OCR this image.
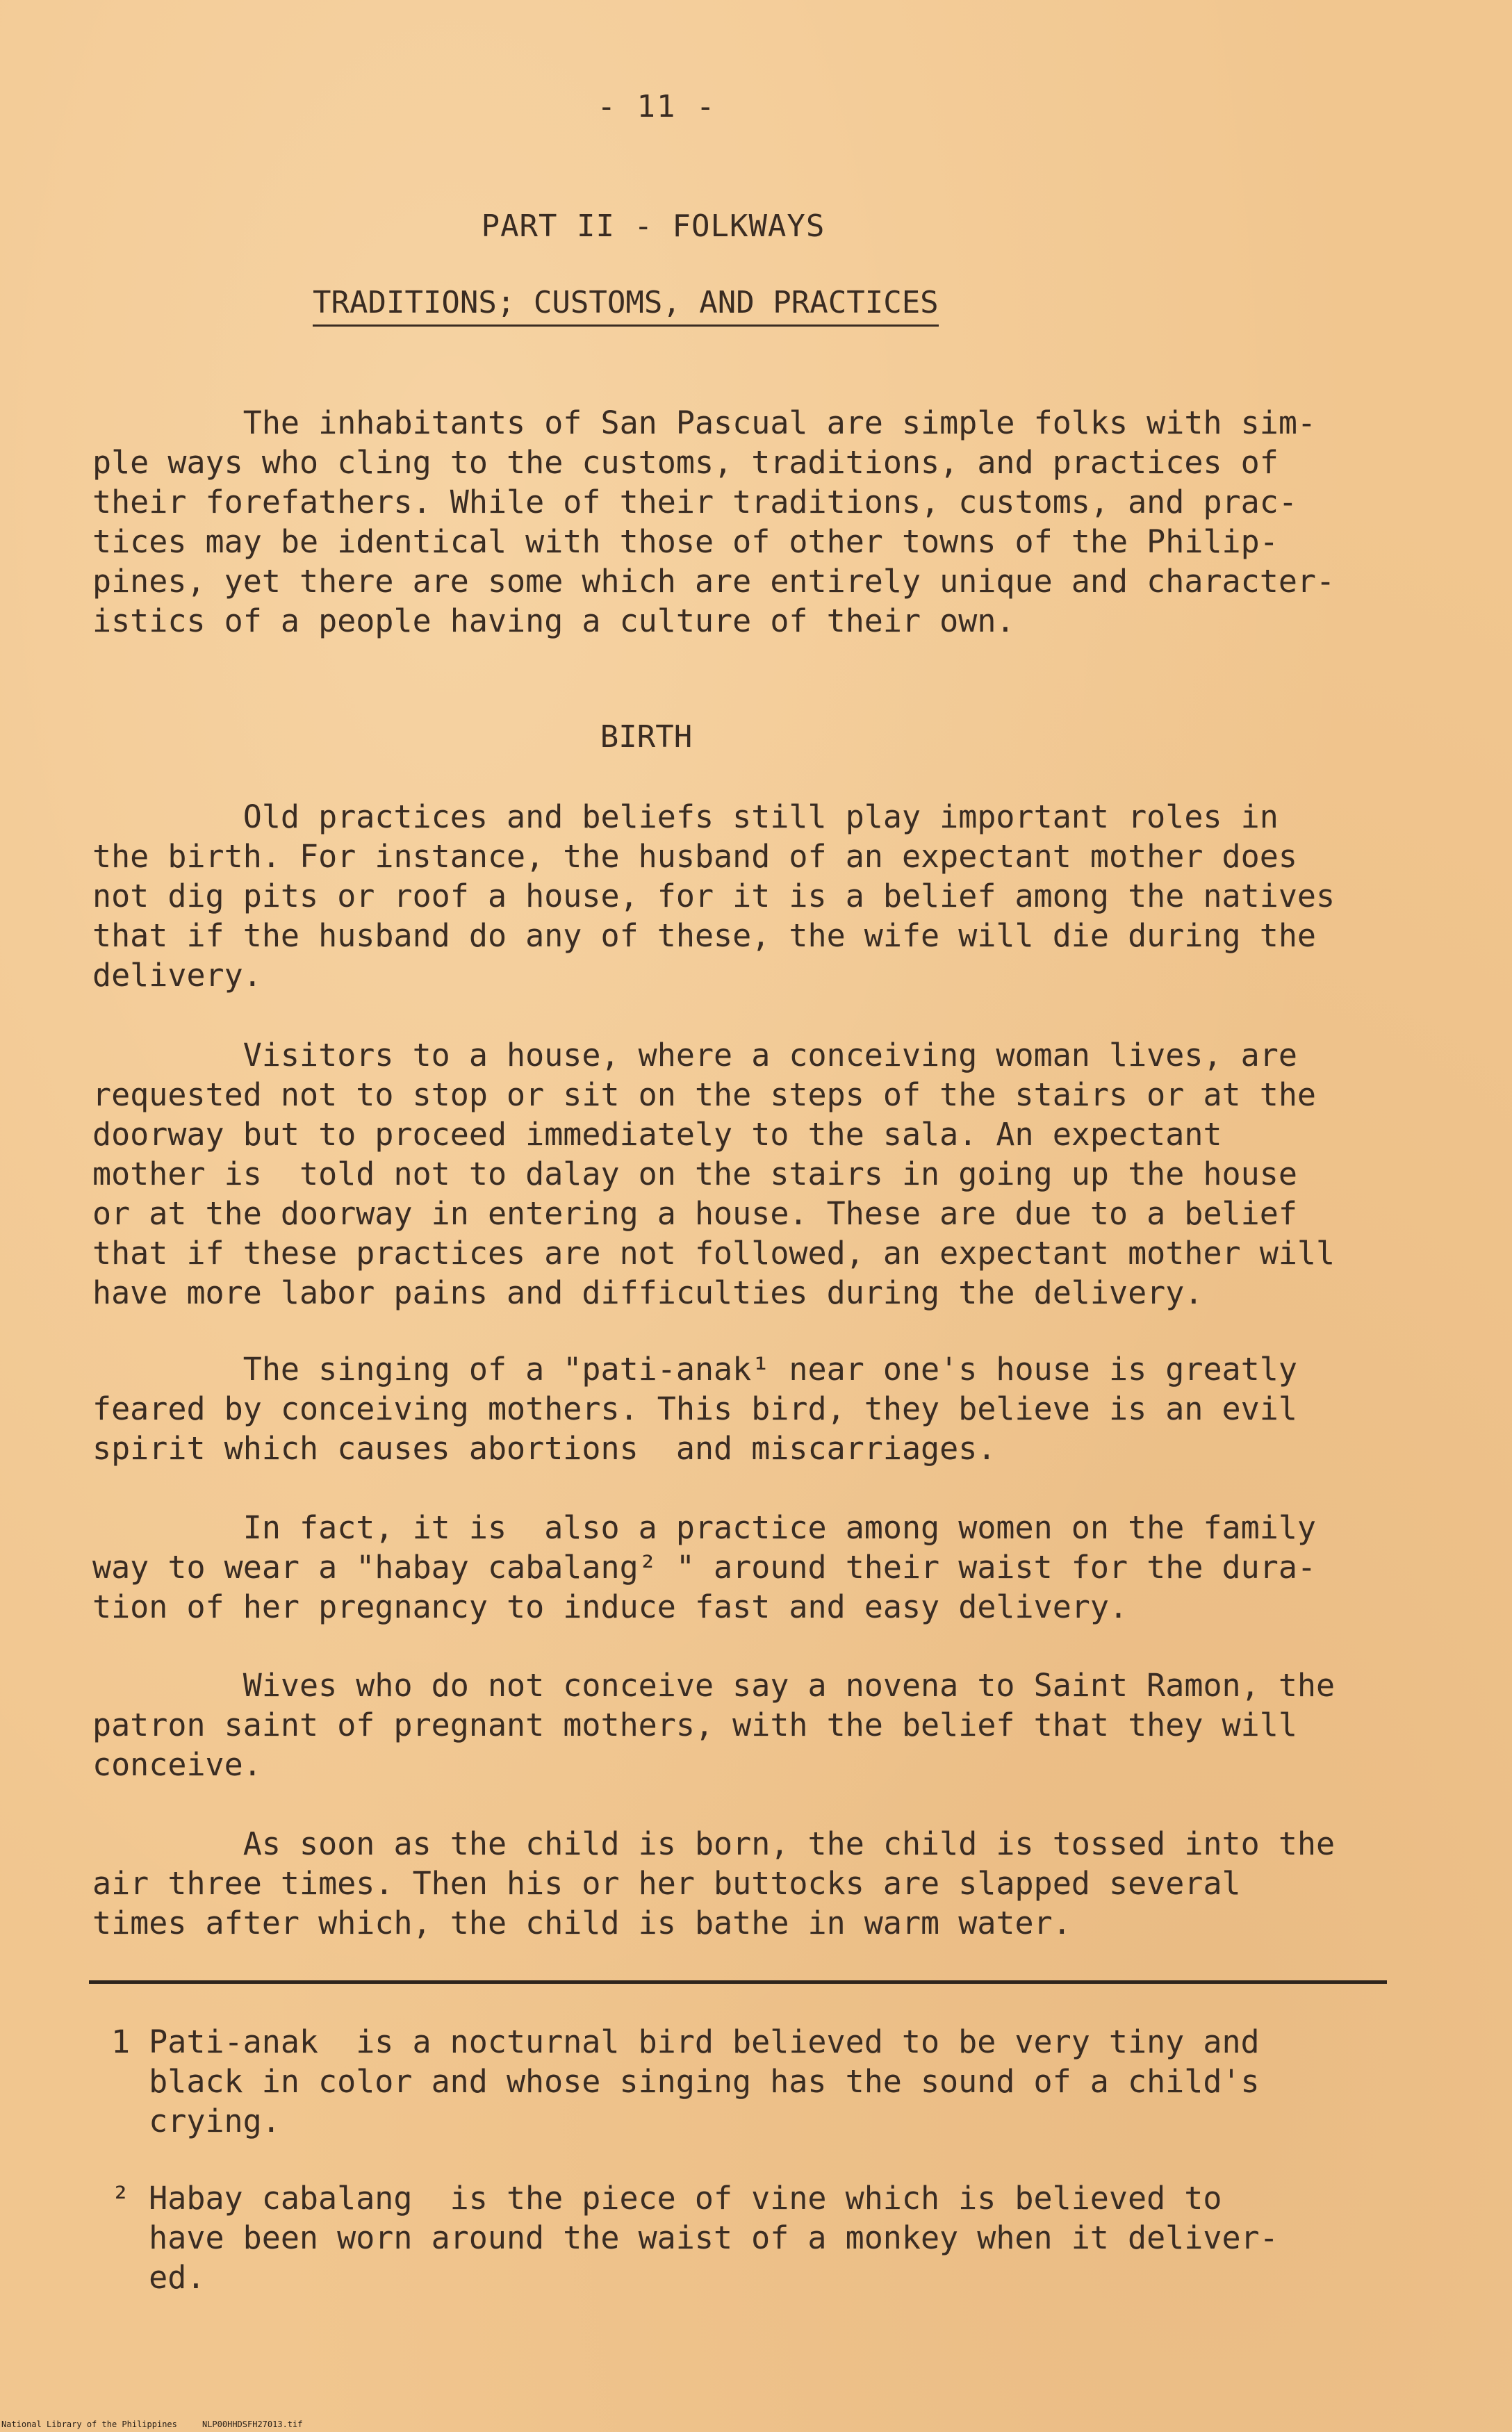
- 11 -
PART II - FOLKWAYS
TRADITIONS; CUSTOMS, AND PRACTICES
The inhabitants of San Pascual are simple folks with sim-
ple ways who cling to the customs, traditions, and practices of
their forefathers. While of their traditions, customs, and prac-
tices may be identical with those of other towns of the Philip-
pines, yet there are some which are entirely unique and character-
istics of a people having a culture of their own.
BIRTH
Old practices and beliefs still play important roles in
the birth. For instance, the husband of an expectant mother does
not dig pits or roof a house, for it is a belief among the natives
that if the husband do any of these, the wife will die during the
delivery.
Visitors to a house, where a conceiving woman lives, are
requested not to stop or sit on the steps of the stairs or at the
doorway but to proceed immediately to the sala. An expectant
mother is  told not to dalay on the stairs in going up the house
or at the doorway in entering a house. These are due to a belief
that if these practices are not followed, an expectant mother will
have more labor pains and difficulties during the delivery.
The singing of a "pati-anak¹ near one's house is greatly
feared by conceiving mothers. This bird, they believe is an evil
spirit which causes abortions  and miscarriages.
In fact, it is  also a practice among women on the family
way to wear a "habay cabalang² " around their waist for the dura-
tion of her pregnancy to induce fast and easy delivery.
Wives who do not conceive say a novena to Saint Ramon, the
patron saint of pregnant mothers, with the belief that they will
conceive.
As soon as the child is born, the child is tossed into the
air three times. Then his or her buttocks are slapped several
times after which, the child is bathe in warm water.
1 Pati-anak  is a nocturnal bird believed to be very tiny and
black in color and whose singing has the sound of a child's
crying.
² Habay cabalang  is the piece of vine which is believed to
have been worn around the waist of a monkey when it deliver-
ed.
National Library of the Philippines     NLP00HHDSFH27013.tif
